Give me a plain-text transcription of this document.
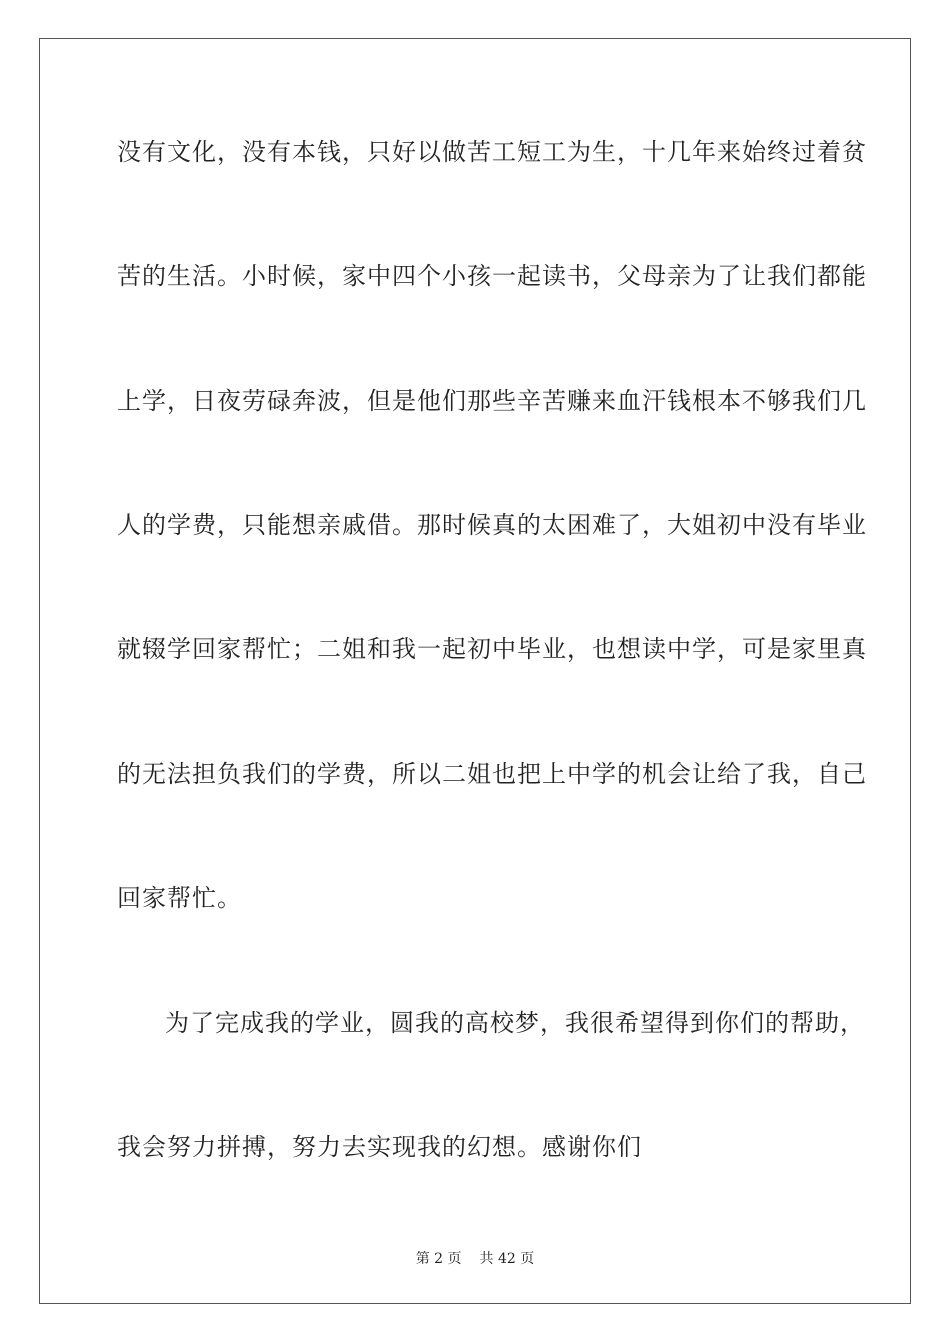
没有文化，没有本钱，只好以做苦工短工为生，十几年来始终过着贫
苦的生活。小时候，家中四个小孩一起读书，父母亲为了让我们都能
上学，日夜劳碌奔波，但是他们那些辛苦赚来血汗钱根本不够我们几
人的学费，只能想亲戚借。那时候真的太困难了，大姐初中没有毕业
就辍学回家帮忙；二姐和我一起初中毕业，也想读中学，可是家里真
的无法担负我们的学费，所以二姐也把上中学的机会让给了我，自己
回家帮忙。
为了完成我的学业，圆我的高校梦，我很希望得到你们的帮助，
我会努力拼搏，努力去实现我的幻想。感谢你们
第 2 页 共 42 页
